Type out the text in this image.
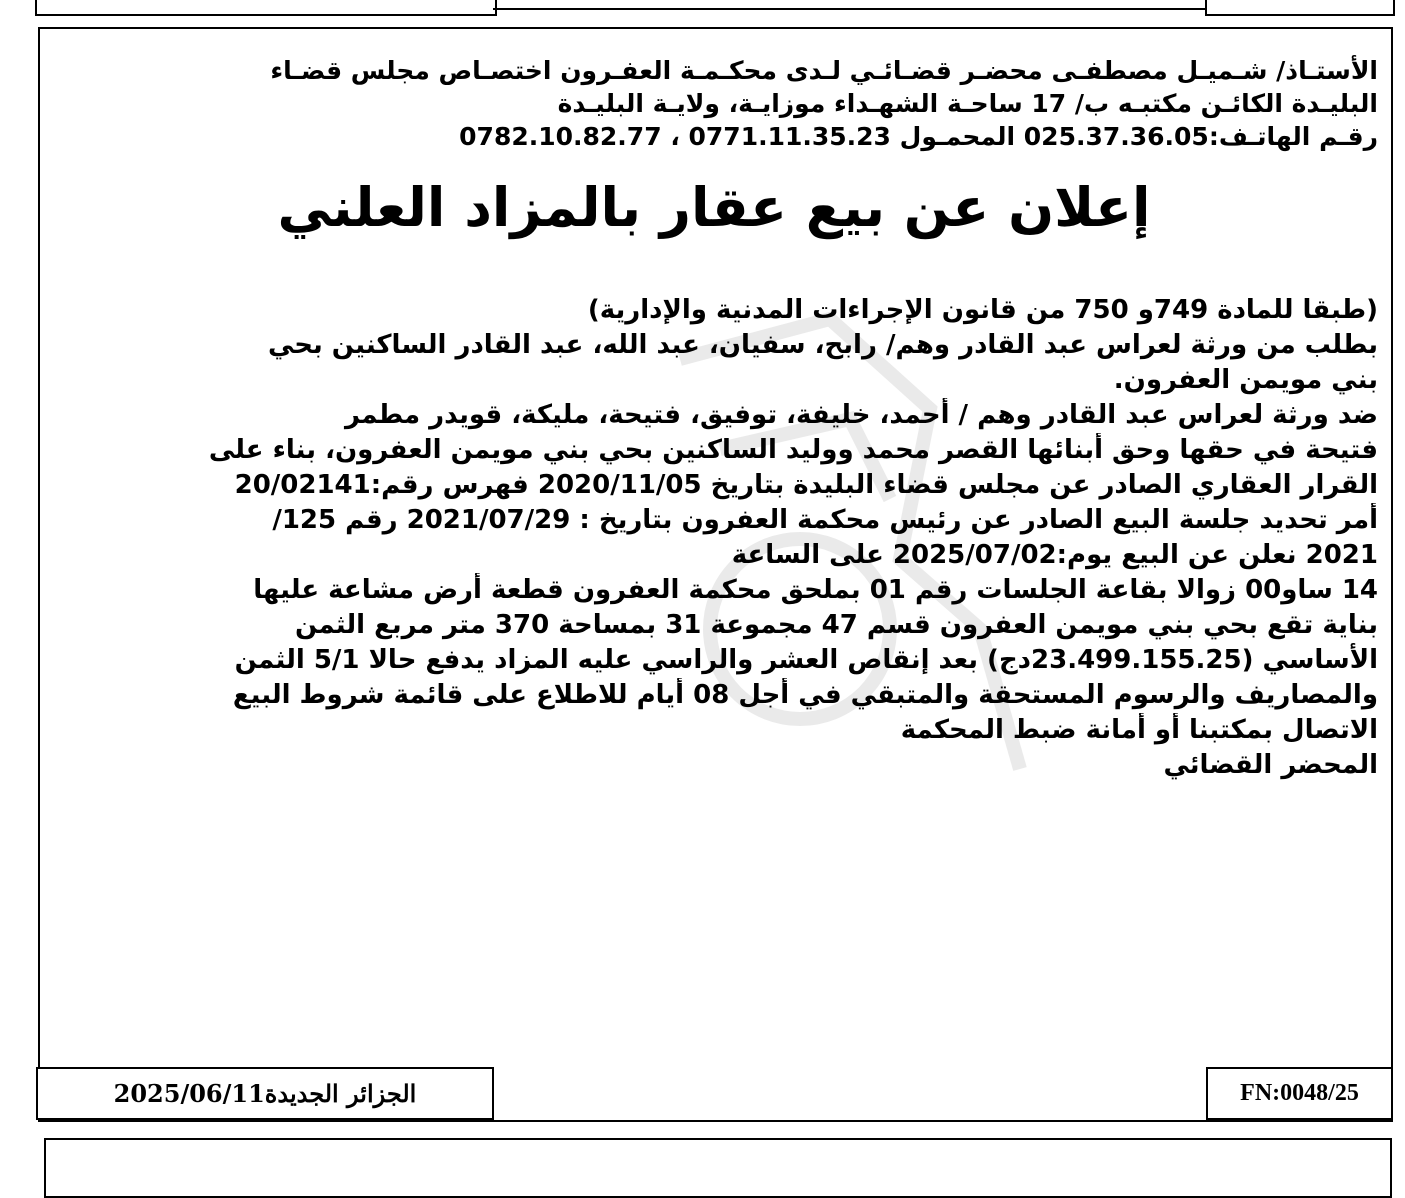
الأستـاذ/ شـميـل مصطفـى محضـر قضـائـي لـدى محكـمـة العفـرون اختصـاص مجلس قضـاء
البليـدة الكائـن مكتبـه ب/ 17 ساحـة الشهـداء موزايـة، ولايـة البليـدة
رقـم الهاتـف:025.37.36.05 المحمـول 0771.11.35.23 ، 0782.10.82.77
إعلان عن بيع عقار بالمزاد العلني
(طبقا للمادة 749و 750 من قانون الإجراءات المدنية والإدارية)
بطلب من ورثة لعراس عبد القادر وهم/ رابح، سفيان، عبد الله، عبد القادر الساكنين بحي
بني مويمن العفرون.
ضد ورثة لعراس عبد القادر وهم / أحمد، خليفة، توفيق، فتيحة، مليكة، قويدر مطمر
فتيحة في حقها وحق أبنائها القصر محمد ووليد الساكنين بحي بني مويمن العفرون، بناء على
القرار العقاري الصادر عن مجلس قضاء البليدة بتاريخ 2020/11/05 فهرس رقم:20/02141
أمر تحديد جلسة البيع الصادر عن رئيس محكمة العفرون بتاريخ : 2021/07/29 رقم 125/
2021 نعلن عن البيع يوم:2025/07/02 على الساعة
14 ساو00 زوالا بقاعة الجلسات رقم 01 بملحق محكمة العفرون قطعة أرض مشاعة عليها
بناية تقع بحي بني مويمن العفرون قسم 47 مجموعة 31 بمساحة 370 متر مربع الثمن
الأساسي (23.499.155.25دج) بعد إنقاص العشر والراسي عليه المزاد يدفع حالا 5/1 الثمن
والمصاريف والرسوم المستحقة والمتبقي في أجل 08 أيام للاطلاع على قائمة شروط البيع
الاتصال بمكتبنا أو أمانة ضبط المحكمة
المحضر القضائي
الجزائر الجديدة2025/06/11	FN:0048/25
